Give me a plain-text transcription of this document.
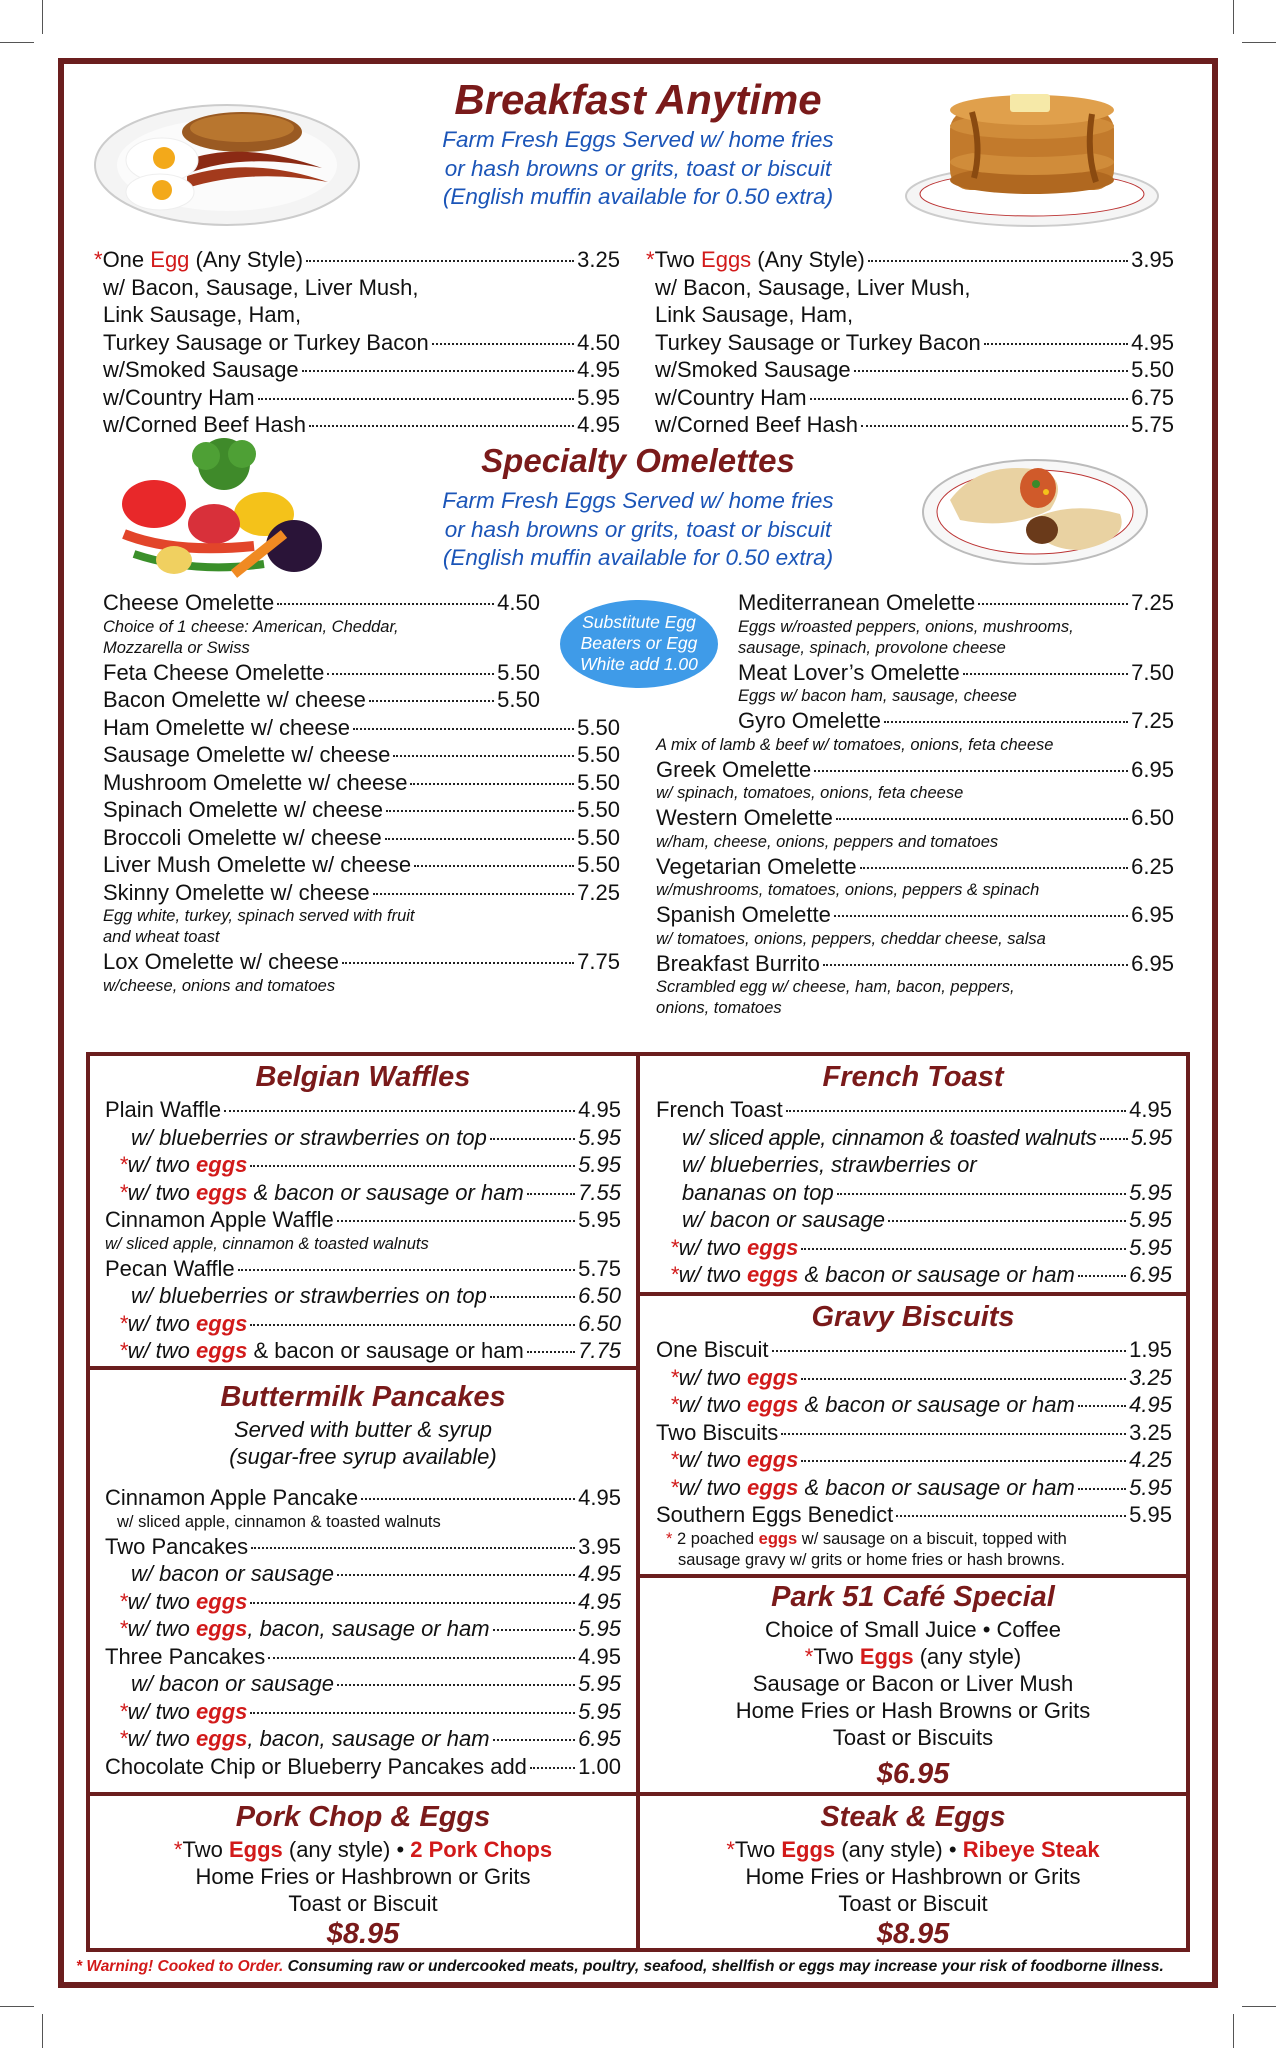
Breakfast Anytime
Farm Fresh Eggs Served w/ home fries
or hash browns or grits, toast or biscuit
(English muffin available for 0.50 extra)
*One Egg (Any Style)	3.25
w/ Bacon, Sausage, Liver Mush,
Link Sausage, Ham,
Turkey Sausage or Turkey Bacon	4.50
w/Smoked Sausage	4.95
w/Country Ham	5.95
w/Corned Beef Hash	4.95
*Two Eggs (Any Style)	3.95
w/ Bacon, Sausage, Liver Mush,
Link Sausage, Ham,
Turkey Sausage or Turkey Bacon	4.95
w/Smoked Sausage	5.50
w/Country Ham	6.75
w/Corned Beef Hash	5.75
Specialty Omelettes
Farm Fresh Eggs Served w/ home fries
or hash browns or grits, toast or biscuit
(English muffin available for 0.50 extra)
Substitute Egg
Beaters or Egg
White add 1.00
Cheese Omelette	4.50
Choice of 1 cheese: American, Cheddar,
Mozzarella or Swiss
Feta Cheese Omelette	5.50
Bacon Omelette w/ cheese	5.50
Ham Omelette w/ cheese	5.50
Sausage Omelette w/ cheese	5.50
Mushroom Omelette w/ cheese	5.50
Spinach Omelette w/ cheese	5.50
Broccoli Omelette w/ cheese	5.50
Liver Mush Omelette w/ cheese	5.50
Skinny Omelette w/ cheese	7.25
Egg white, turkey, spinach served with fruit
and wheat toast
Lox Omelette w/ cheese	7.75
w/cheese, onions and tomatoes
Mediterranean Omelette	7.25
Eggs w/roasted peppers, onions, mushrooms,
sausage, spinach, provolone cheese
Meat Lover’s Omelette	7.50
Eggs w/ bacon ham, sausage, cheese
Gyro Omelette	7.25
A mix of lamb & beef w/ tomatoes, onions, feta cheese
Greek Omelette	6.95
w/ spinach, tomatoes, onions, feta cheese
Western Omelette	6.50
w/ham, cheese, onions, peppers and tomatoes
Vegetarian Omelette	6.25
w/mushrooms, tomatoes, onions, peppers & spinach
Spanish Omelette	6.95
w/ tomatoes, onions, peppers, cheddar cheese, salsa
Breakfast Burrito	6.95
Scrambled egg w/ cheese, ham, bacon, peppers,
onions, tomatoes
Belgian Waffles
Plain Waffle	4.95
w/ blueberries or strawberries on top	5.95
*w/ two eggs	5.95
*w/ two eggs & bacon or sausage or ham 7.55
Cinnamon Apple Waffle	5.95
w/ sliced apple, cinnamon & toasted walnuts
Pecan Waffle	5.75
w/ blueberries or strawberries on top	6.50
*w/ two eggs	6.50
*w/ two eggs & bacon or sausage or ham 7.75
Buttermilk Pancakes
Served with butter & syrup
(sugar-free syrup available)
Cinnamon Apple Pancake	4.95
w/ sliced apple, cinnamon & toasted walnuts
Two Pancakes	3.95
w/ bacon or sausage	4.95
*w/ two eggs	4.95
*w/ two eggs, bacon, sausage or ham	5.95
Three Pancakes	4.95
w/ bacon or sausage	5.95
*w/ two eggs	5.95
*w/ two eggs, bacon, sausage or ham	6.95
Chocolate Chip or Blueberry Pancakes add 1.00
French Toast
French Toast	4.95
w/ sliced apple, cinnamon & toasted walnuts 5.95
w/ blueberries, strawberries or
bananas on top	5.95
w/ bacon or sausage	5.95
*w/ two eggs	5.95
*w/ two eggs & bacon or sausage or ham 6.95
Gravy Biscuits
One Biscuit	1.95
*w/ two eggs	3.25
*w/ two eggs & bacon or sausage or ham 4.95
Two Biscuits	3.25
*w/ two eggs	4.25
*w/ two eggs & bacon or sausage or ham 5.95
Southern Eggs Benedict	5.95
* 2 poached eggs w/ sausage on a biscuit, topped with
sausage gravy w/ grits or home fries or hash browns.
Park 51 Café Special
Choice of Small Juice • Coffee
*Two Eggs (any style)
Sausage or Bacon or Liver Mush
Home Fries or Hash Browns or Grits
Toast or Biscuits
$6.95
Pork Chop & Eggs
*Two Eggs (any style) • 2 Pork Chops
Home Fries or Hashbrown or Grits
Toast or Biscuit
$8.95
Steak & Eggs
*Two Eggs (any style) • Ribeye Steak
Home Fries or Hashbrown or Grits
Toast or Biscuit
$8.95
* Warning! Cooked to Order. Consuming raw or undercooked meats, poultry, seafood, shellfish or eggs may increase your risk of foodborne illness.
